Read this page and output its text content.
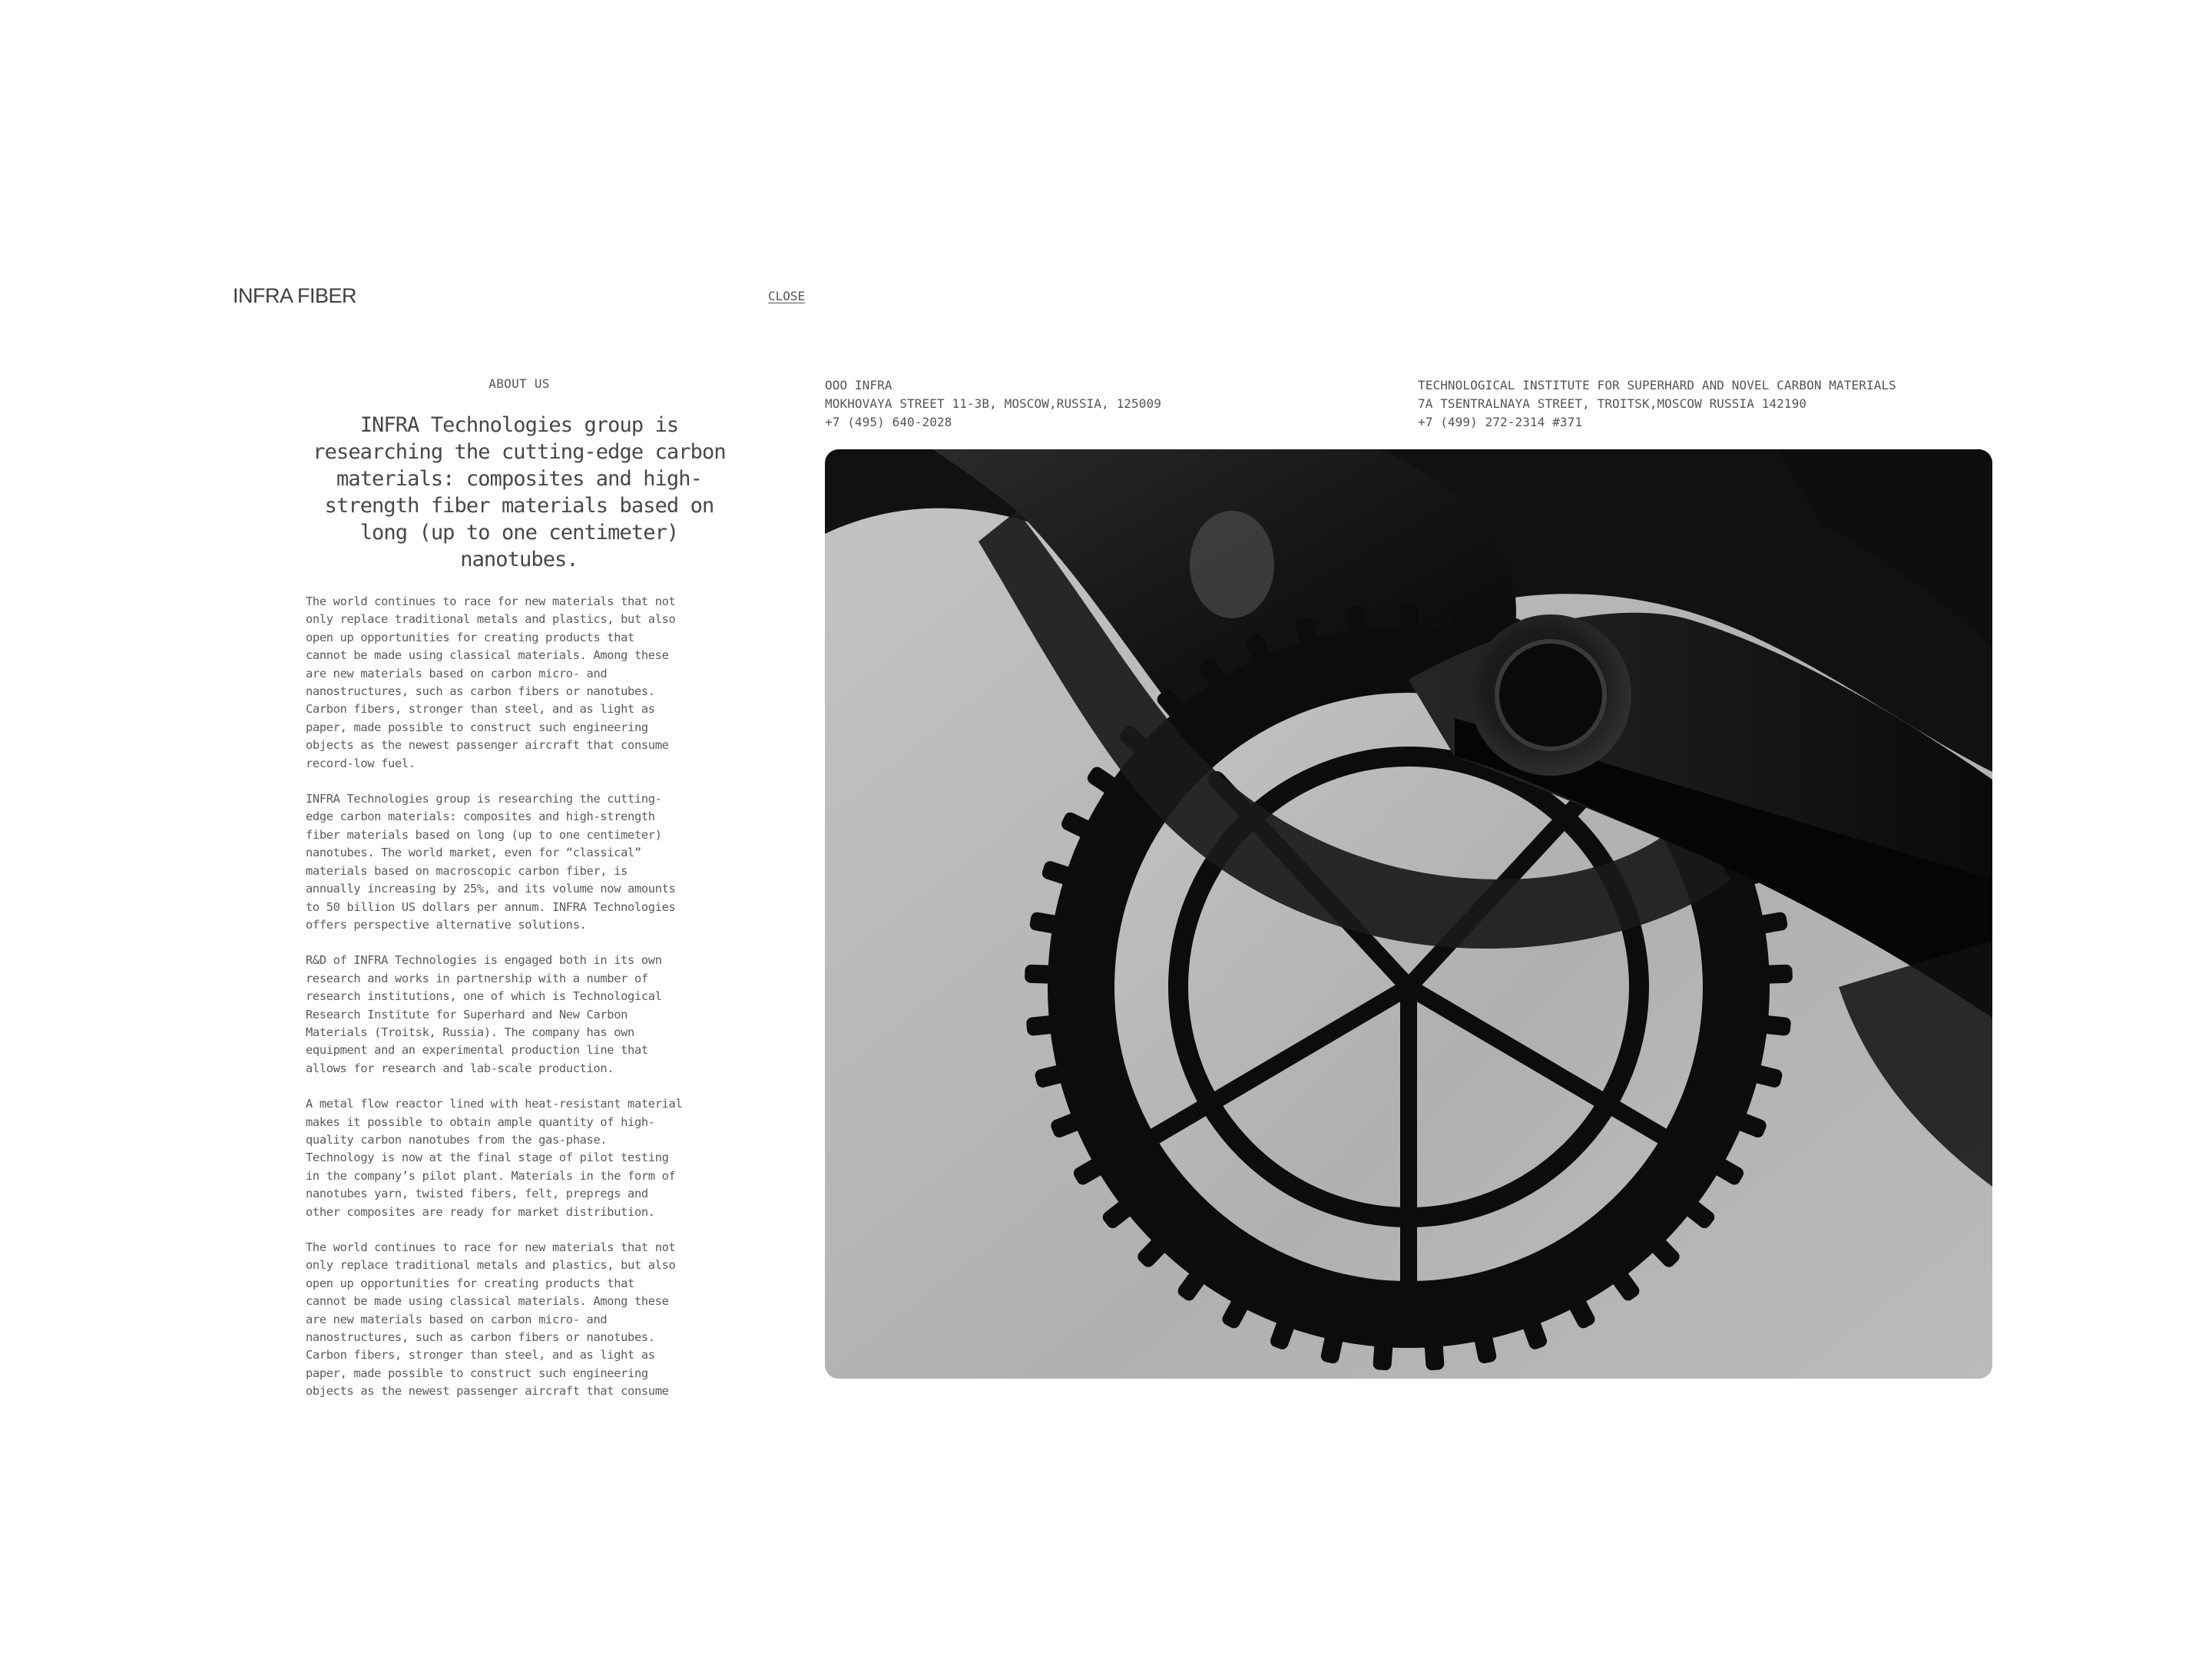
INFRA FIBER	CLOSE
ABOUT US
INFRA Technologies group is researching the cutting-edge carbon materials: composites and high-strength fiber materials based on long (up to one centimeter) nanotubes.

The world continues to race for new materials that not
only replace traditional metals and plastics, but also
open up opportunities for creating products that
cannot be made using classical materials. Among these
are new materials based on carbon micro- and
nanostructures, such as carbon fibers or nanotubes.
Carbon fibers, stronger than steel, and as light as
paper, made possible to construct such engineering
objects as the newest passenger aircraft that consume
record-low fuel.

INFRA Technologies group is researching the cutting-
edge carbon materials: composites and high-strength
fiber materials based on long (up to one centimeter)
nanotubes. The world market, even for “classical”
materials based on macroscopic carbon fiber, is
annually increasing by 25%, and its volume now amounts
to 50 billion US dollars per annum. INFRA Technologies
offers perspective alternative solutions.

R&D of INFRA Technologies is engaged both in its own
research and works in partnership with a number of
research institutions, one of which is Technological
Research Institute for Superhard and New Carbon
Materials (Troitsk, Russia). The company has own
equipment and an experimental production line that
allows for research and lab-scale production.

A metal flow reactor lined with heat-resistant material
makes it possible to obtain ample quantity of high-
quality carbon nanotubes from the gas-phase.
Technology is now at the final stage of pilot testing
in the company’s pilot plant. Materials in the form of
nanotubes yarn, twisted fibers, felt, prepregs and
other composites are ready for market distribution.

The world continues to race for new materials that not
only replace traditional metals and plastics, but also
open up opportunities for creating products that
cannot be made using classical materials. Among these
are new materials based on carbon micro- and
nanostructures, such as carbon fibers or nanotubes.
Carbon fibers, stronger than steel, and as light as
paper, made possible to construct such engineering
objects as the newest passenger aircraft that consume

OOO INFRA
MOKHOVAYA STREET 11-3B, MOSCOW,RUSSIA, 125009
+7 (495) 640-2028
TECHNOLOGICAL INSTITUTE FOR SUPERHARD AND NOVEL CARBON MATERIALS
7A TSENTRALNAYA STREET, TROITSK,MOSCOW RUSSIA 142190
+7 (499) 272-2314 #371
